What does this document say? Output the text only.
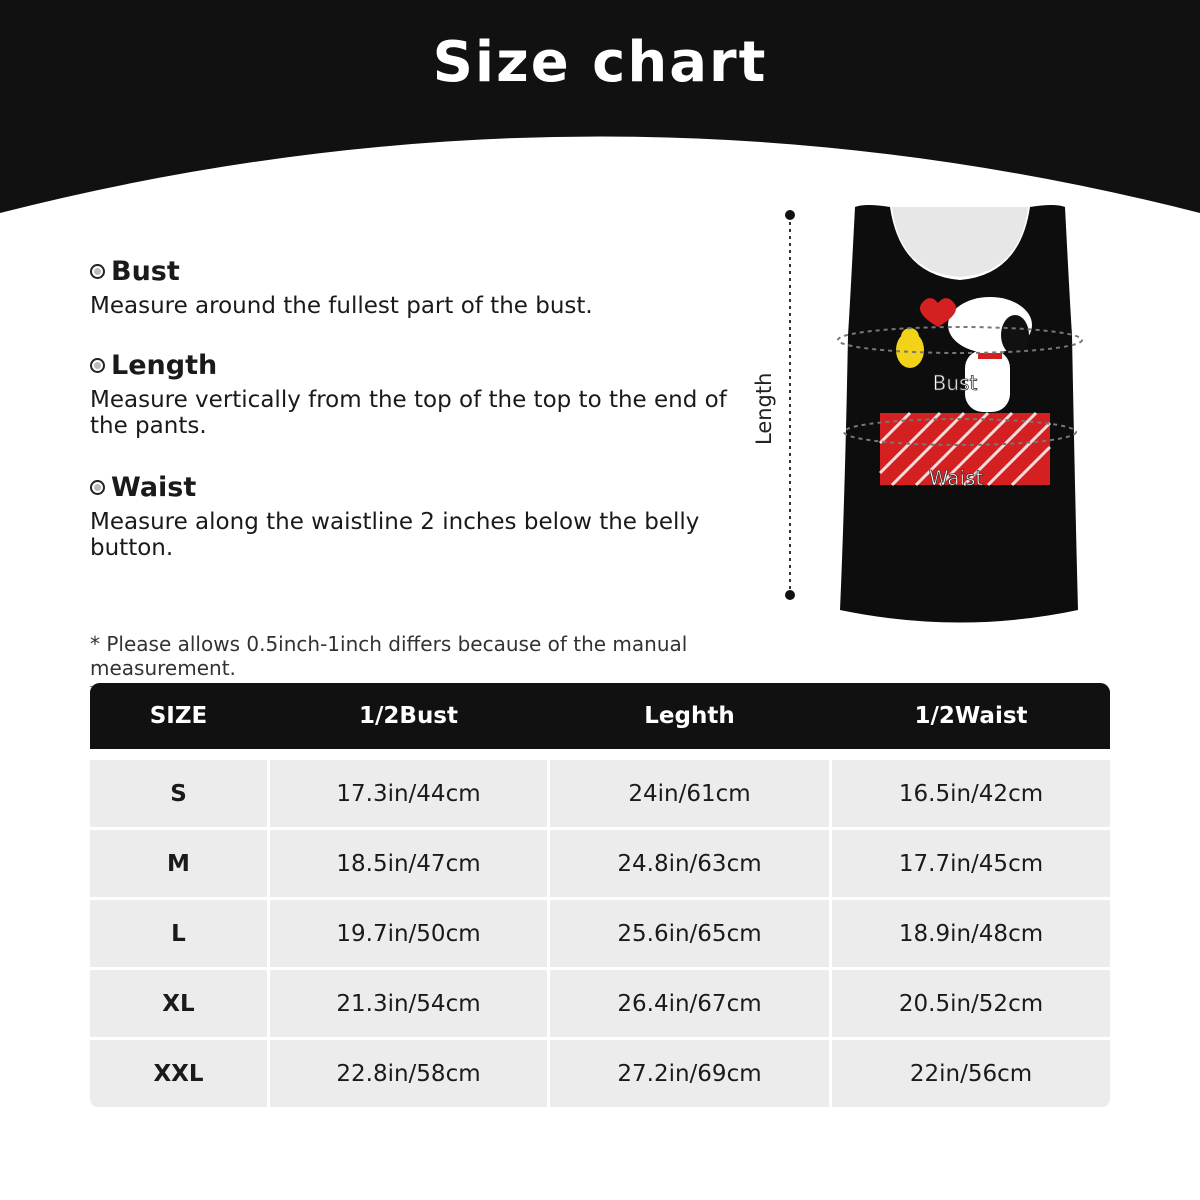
Size chart
Bust
Measure around the fullest part of the bust.
Length
Measure vertically from the top of the top to the end of the pants.
Waist
Measure along the waistline 2 inches below the belly button.
Bust
Waist
Length
* Please allows 0.5inch-1inch differs because of the manual measurement.
SIZE	1/2Bust	Leghth	1/2Waist
S	17.3in/44cm	24in/61cm	16.5in/42cm
M	18.5in/47cm	24.8in/63cm	17.7in/45cm
L	19.7in/50cm	25.6in/65cm	18.9in/48cm
XL	21.3in/54cm	26.4in/67cm	20.5in/52cm
XXL	22.8in/58cm	27.2in/69cm	22in/56cm
